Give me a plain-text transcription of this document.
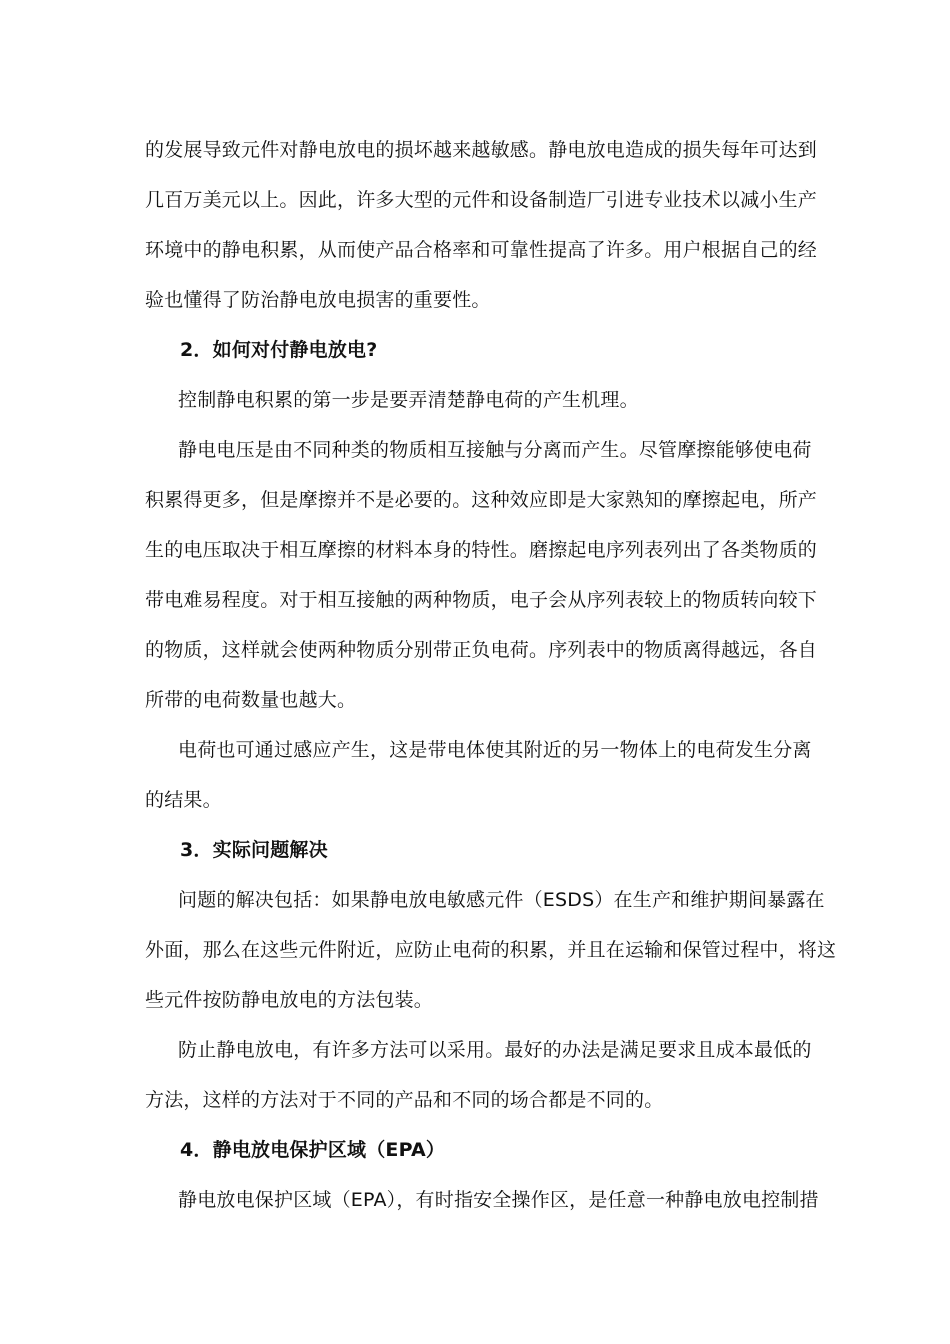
的发展导致元件对静电放电的损坏越来越敏感。静电放电造成的损失每年可达到
几百万美元以上。因此，许多大型的元件和设备制造厂引进专业技术以减小生产
环境中的静电积累，从而使产品合格率和可靠性提高了许多。用户根据自己的经
验也懂得了防治静电放电损害的重要性。
2．如何对付静电放电?
控制静电积累的第一步是要弄清楚静电荷的产生机理。
静电电压是由不同种类的物质相互接触与分离而产生。尽管摩擦能够使电荷
积累得更多，但是摩擦并不是必要的。这种效应即是大家熟知的摩擦起电，所产
生的电压取决于相互摩擦的材料本身的特性。磨擦起电序列表列出了各类物质的
带电难易程度。对于相互接触的两种物质，电子会从序列表较上的物质转向较下
的物质，这样就会使两种物质分别带正负电荷。序列表中的物质离得越远，各自
所带的电荷数量也越大。
电荷也可通过感应产生，这是带电体使其附近的另一物体上的电荷发生分离
的结果。
3．实际问题解决
问题的解决包括：如果静电放电敏感元件（ESDS）在生产和维护期间暴露在
外面，那么在这些元件附近，应防止电荷的积累，并且在运输和保管过程中，将这
些元件按防静电放电的方法包装。
防止静电放电，有许多方法可以采用。最好的办法是满足要求且成本最低的
方法，这样的方法对于不同的产品和不同的场合都是不同的。
4．静电放电保护区域（EPA）
静电放电保护区域（EPA），有时指安全操作区，是任意一种静电放电控制措
